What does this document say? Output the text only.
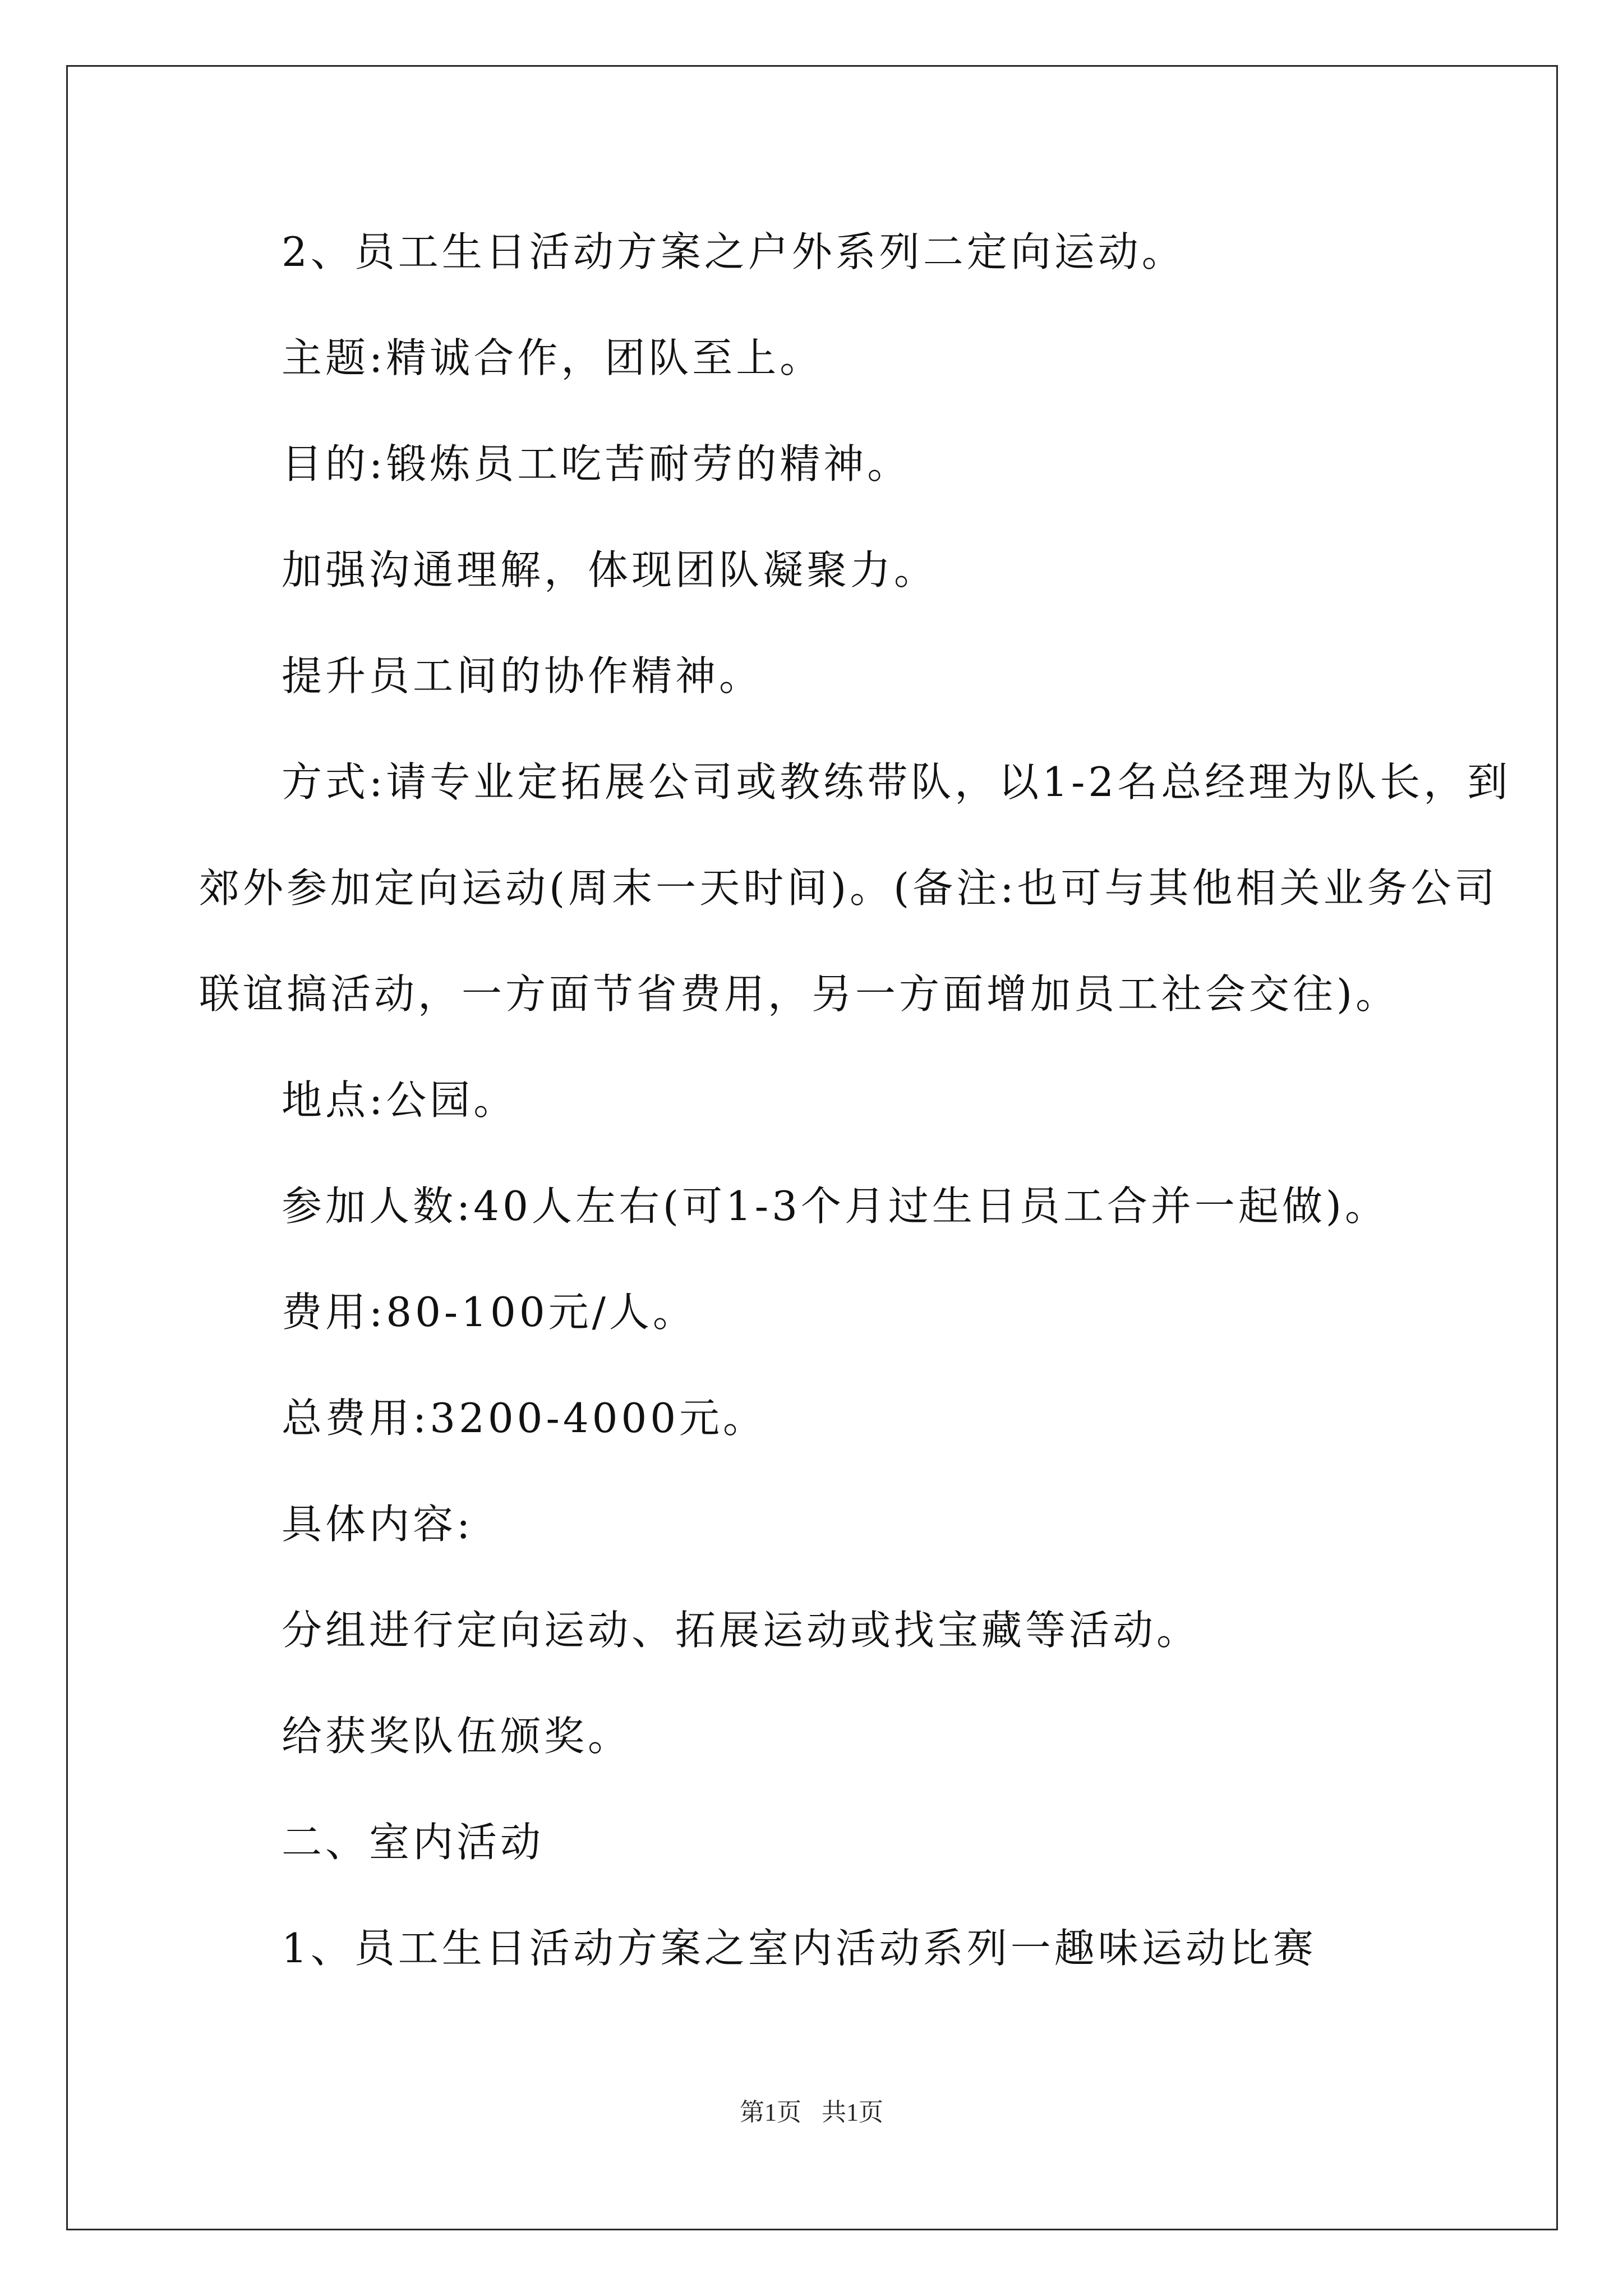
2、员工生日活动方案之户外系列二定向运动。

主题:精诚合作，团队至上。

目的:锻炼员工吃苦耐劳的精神。

加强沟通理解，体现团队凝聚力。

提升员工间的协作精神。

方式:请专业定拓展公司或教练带队，以1-2名总经理为队长，到

郊外参加定向运动(周末一天时间)。(备注:也可与其他相关业务公司

联谊搞活动，一方面节省费用，另一方面增加员工社会交往)。

地点:公园。

参加人数:40人左右(可1-3个月过生日员工合并一起做)。

费用:80-100元/人。

总费用:3200-4000元。

具体内容:

分组进行定向运动、拓展运动或找宝藏等活动。

给获奖队伍颁奖。

二、室内活动

1、员工生日活动方案之室内活动系列一趣味运动比赛

第1页 共1页
